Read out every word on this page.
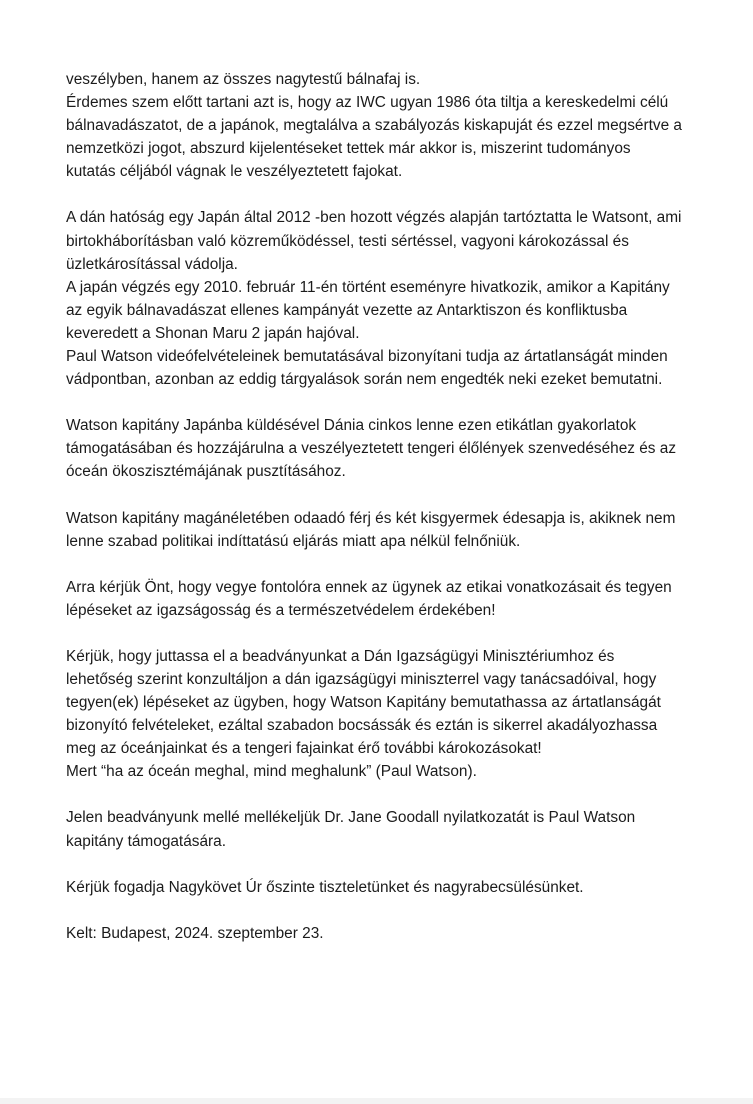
veszélyben, hanem az összes nagytestű bálnafaj is.
Érdemes szem előtt tartani azt is, hogy az IWC ugyan 1986 óta tiltja a kereskedelmi célú
bálnavadászatot, de a japánok, megtalálva a szabályozás kiskapuját és ezzel megsértve a
nemzetközi jogot, abszurd kijelentéseket tettek már akkor is, miszerint tudományos
kutatás céljából vágnak le veszélyeztetett fajokat.

A dán hatóság egy Japán által 2012 -ben hozott végzés alapján tartóztatta le Watsont, ami
birtokháborításban való közreműködéssel, testi sértéssel, vagyoni károkozással és
üzletkárosítással vádolja.
A japán végzés egy 2010. február 11-én történt eseményre hivatkozik, amikor a Kapitány
az egyik bálnavadászat ellenes kampányát vezette az Antarktiszon és konfliktusba
keveredett a Shonan Maru 2 japán hajóval.
Paul Watson videófelvételeinek bemutatásával bizonyítani tudja az ártatlanságát minden
vádpontban, azonban az eddig tárgyalások során nem engedték neki ezeket bemutatni.

Watson kapitány Japánba küldésével Dánia cinkos lenne ezen etikátlan gyakorlatok
támogatásában és hozzájárulna a veszélyeztetett tengeri élőlények szenvedéséhez és az
óceán ökoszisztémájának pusztításához.

Watson kapitány magánéletében odaadó férj és két kisgyermek édesapja is, akiknek nem
lenne szabad politikai indíttatású eljárás miatt apa nélkül felnőniük.

Arra kérjük Önt, hogy vegye fontolóra ennek az ügynek az etikai vonatkozásait és tegyen
lépéseket az igazságosság és a természetvédelem érdekében!

Kérjük, hogy juttassa el a beadványunkat a Dán Igazságügyi Minisztériumhoz és
lehetőség szerint konzultáljon a dán igazságügyi miniszterrel vagy tanácsadóival, hogy
tegyen(ek) lépéseket az ügyben, hogy Watson Kapitány bemutathassa az ártatlanságát
bizonyító felvételeket, ezáltal szabadon bocsássák és eztán is sikerrel akadályozhassa
meg az óceánjainkat és a tengeri fajainkat érő további károkozásokat!
Mert “ha az óceán meghal, mind meghalunk” (Paul Watson).

Jelen beadványunk mellé mellékeljük Dr. Jane Goodall nyilatkozatát is Paul Watson
kapitány támogatására.

Kérjük fogadja Nagykövet Úr őszinte tiszteletünket és nagyrabecsülésünket.

Kelt: Budapest, 2024. szeptember 23.
